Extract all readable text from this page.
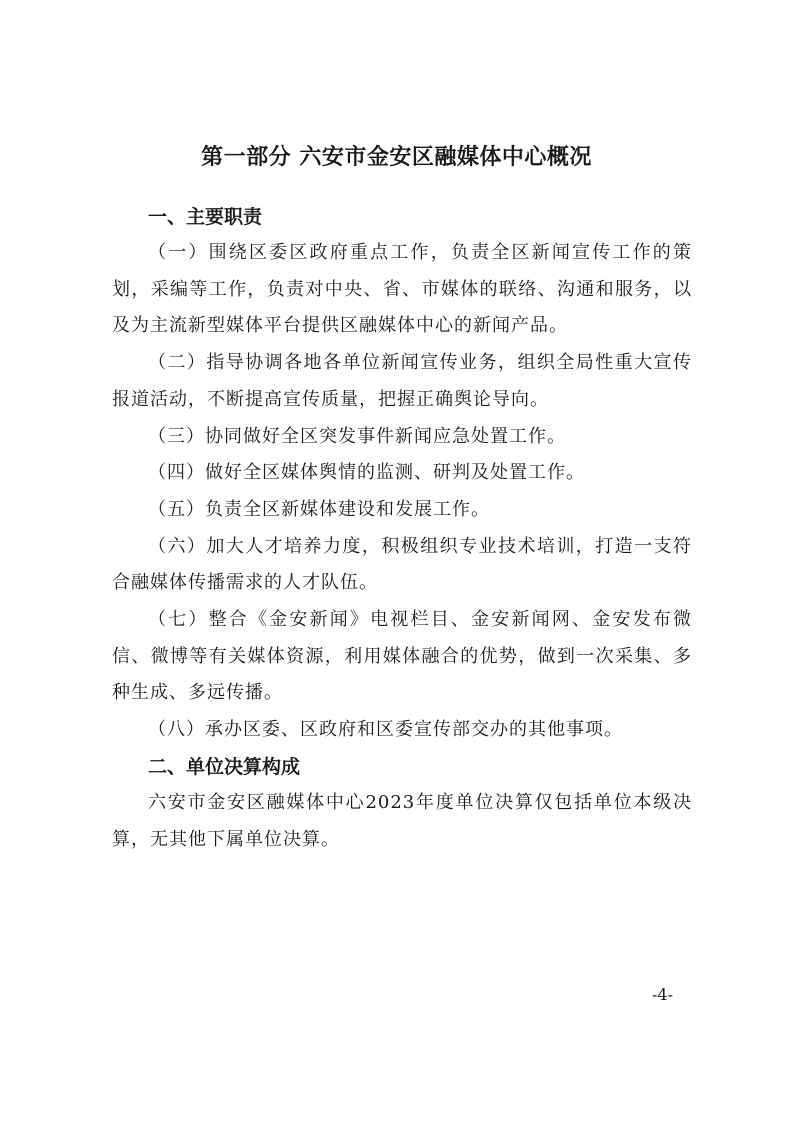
第一部分 六安市金安区融媒体中心概况
一、主要职责

（一）围绕区委区政府重点工作，负责全区新闻宣传工作的策划，采编等工作，负责对中央、省、市媒体的联络、沟通和服务，以及为主流新型媒体平台提供区融媒体中心的新闻产品。

（二）指导协调各地各单位新闻宣传业务，组织全局性重大宣传报道活动，不断提高宣传质量，把握正确舆论导向。

（三）协同做好全区突发事件新闻应急处置工作。

（四）做好全区媒体舆情的监测、研判及处置工作。

（五）负责全区新媒体建设和发展工作。

（六）加大人才培养力度，积极组织专业技术培训，打造一支符合融媒体传播需求的人才队伍。

（七）整合《金安新闻》电视栏目、金安新闻网、金安发布微信、微博等有关媒体资源，利用媒体融合的优势，做到一次采集、多种生成、多远传播。

（八）承办区委、区政府和区委宣传部交办的其他事项。

二、单位决算构成

六安市金安区融媒体中心2023年度单位决算仅包括单位本级决算，无其他下属单位决算。

-4-
